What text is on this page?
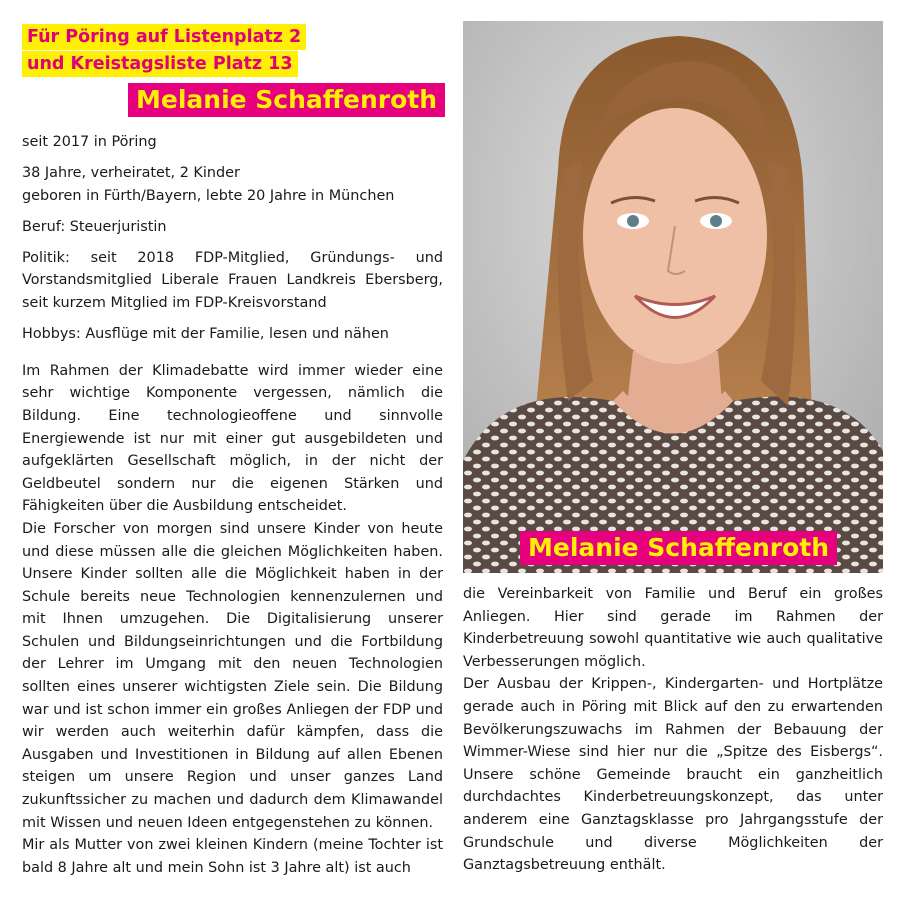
Für Pöring auf Listenplatz 2
und Kreistagsliste Platz 13
Melanie Schaffenroth

seit 2017 in Pöring

38 Jahre, verheiratet, 2 Kinder

geboren in Fürth/Bayern, lebte 20 Jahre in München

Beruf: Steuerjuristin

Politik: seit 2018 FDP-Mitglied, Gründungs- und Vorstandsmitglied Liberale Frauen Landkreis Ebersberg, seit kurzem Mitglied im FDP-Kreisvorstand

Hobbys: Ausflüge mit der Familie, lesen und nähen

Im Rahmen der Klimadebatte wird immer wieder eine sehr wichtige Komponente vergessen, nämlich die Bildung. Eine technologieoffene und sinnvolle Energiewende ist nur mit einer gut ausgebildeten und aufgeklärten Gesellschaft möglich, in der nicht der Geldbeutel sondern nur die eigenen Stärken und Fähigkeiten über die Ausbildung entscheidet.

Die Forscher von morgen sind unsere Kinder von heute und diese müssen alle die gleichen Möglichkeiten haben. Unsere Kinder sollten alle die Möglichkeit haben in der Schule bereits neue Technologien kennenzulernen und mit Ihnen umzugehen. Die Digitalisierung unserer Schulen und Bildungseinrichtungen und die Fortbildung der Lehrer im Umgang mit den neuen Technologien sollten eines unserer wichtigsten Ziele sein. Die Bildung war und ist schon immer ein großes Anliegen der FDP und wir werden auch weiterhin dafür kämpfen, dass die Ausgaben und Investitionen in Bildung auf allen Ebenen steigen um unsere Region und unser ganzes Land zukunftssicher zu machen und dadurch dem Klimawandel mit Wissen und neuen Ideen entgegenstehen zu können.

Mir als Mutter von zwei kleinen Kindern (meine Tochter ist bald 8 Jahre alt und mein Sohn ist 3 Jahre alt) ist auch

Melanie Schaffenroth

die Vereinbarkeit von Familie und Beruf ein großes Anliegen. Hier sind gerade im Rahmen der Kinderbetreuung sowohl quantitative wie auch qualitative Verbesserungen möglich.

Der Ausbau der Krippen-, Kindergarten- und Hortplätze gerade auch in Pöring mit Blick auf den zu erwartenden Bevölkerungszuwachs im Rahmen der Bebauung der Wimmer-Wiese sind hier nur die „Spitze des Eisbergs“. Unsere schöne Gemeinde braucht ein ganzheitlich durchdachtes Kinderbetreuungskonzept, das unter anderem eine Ganztagsklasse pro Jahrgangsstufe der Grundschule und diverse Möglichkeiten der Ganztagsbetreuung enthält.
